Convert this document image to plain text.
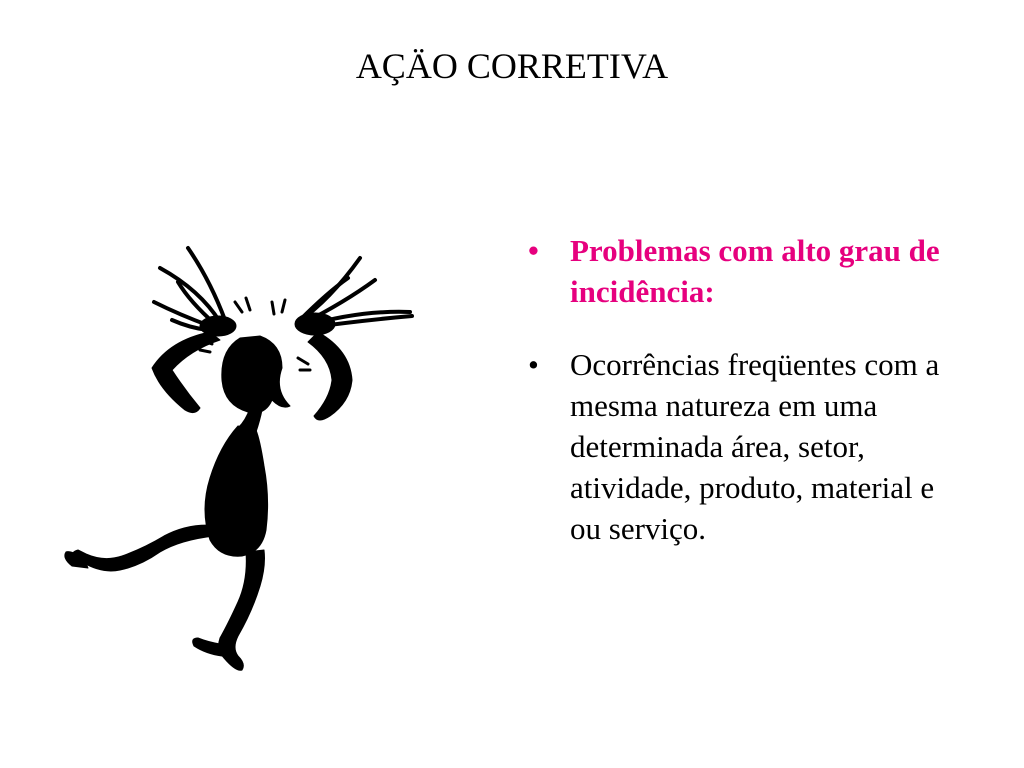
AÇÄO CORRETIVA
•	Problemas com alto grau de incidência:
•	Ocorrências freqüentes com a mesma natureza em uma determinada área, setor, atividade, produto, material e ou serviço.
